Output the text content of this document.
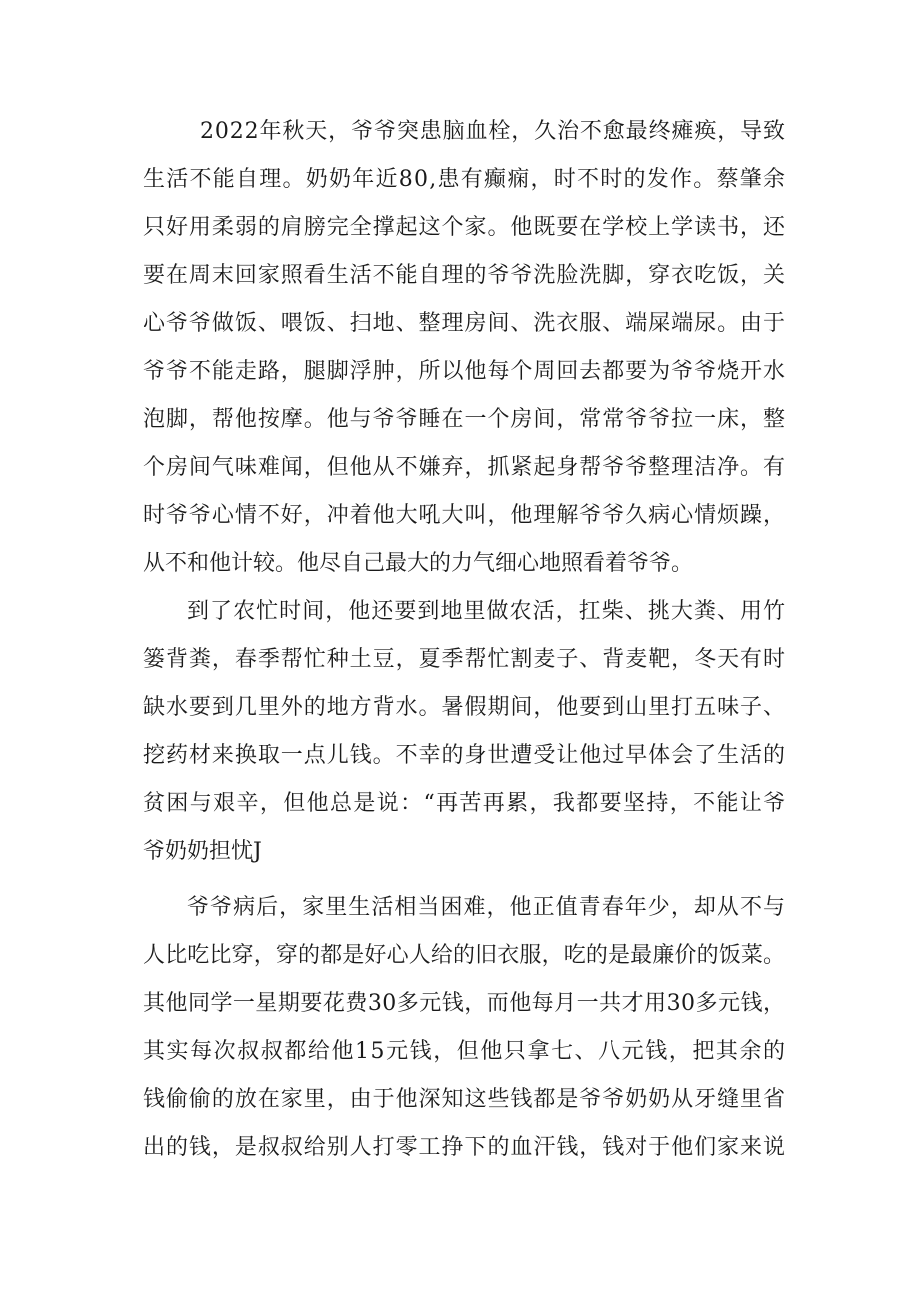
2022年秋天，爷爷突患脑血栓，久治不愈最终瘫痪，导致
生活不能自理。奶奶年近80,患有癫痫，时不时的发作。蔡肇余
只好用柔弱的肩膀完全撑起这个家。他既要在学校上学读书，还
要在周末回家照看生活不能自理的爷爷洗脸洗脚，穿衣吃饭，关
心爷爷做饭、喂饭、扫地、整理房间、洗衣服、端屎端尿。由于
爷爷不能走路，腿脚浮肿，所以他每个周回去都要为爷爷烧开水
泡脚，帮他按摩。他与爷爷睡在一个房间，常常爷爷拉一床，整
个房间气味难闻，但他从不嫌弃，抓紧起身帮爷爷整理洁净。有
时爷爷心情不好，冲着他大吼大叫，他理解爷爷久病心情烦躁，
从不和他计较。他尽自己最大的力气细心地照看着爷爷。
到了农忙时间，他还要到地里做农活，扛柴、挑大粪、用竹
篓背粪，春季帮忙种土豆，夏季帮忙割麦子、背麦靶，冬天有时
缺水要到几里外的地方背水。暑假期间，他要到山里打五味子、
挖药材来换取一点儿钱。不幸的身世遭受让他过早体会了生活的
贫困与艰辛，但他总是说：“再苦再累，我都要坚持，不能让爷
爷奶奶担忧J
爷爷病后，家里生活相当困难，他正值青春年少，却从不与
人比吃比穿，穿的都是好心人给的旧衣服，吃的是最廉价的饭菜。
其他同学一星期要花费30多元钱，而他每月一共才用30多元钱，
其实每次叔叔都给他15元钱，但他只拿七、八元钱，把其余的
钱偷偷的放在家里，由于他深知这些钱都是爷爷奶奶从牙缝里省
出的钱，是叔叔给别人打零工挣下的血汗钱，钱对于他们家来说
